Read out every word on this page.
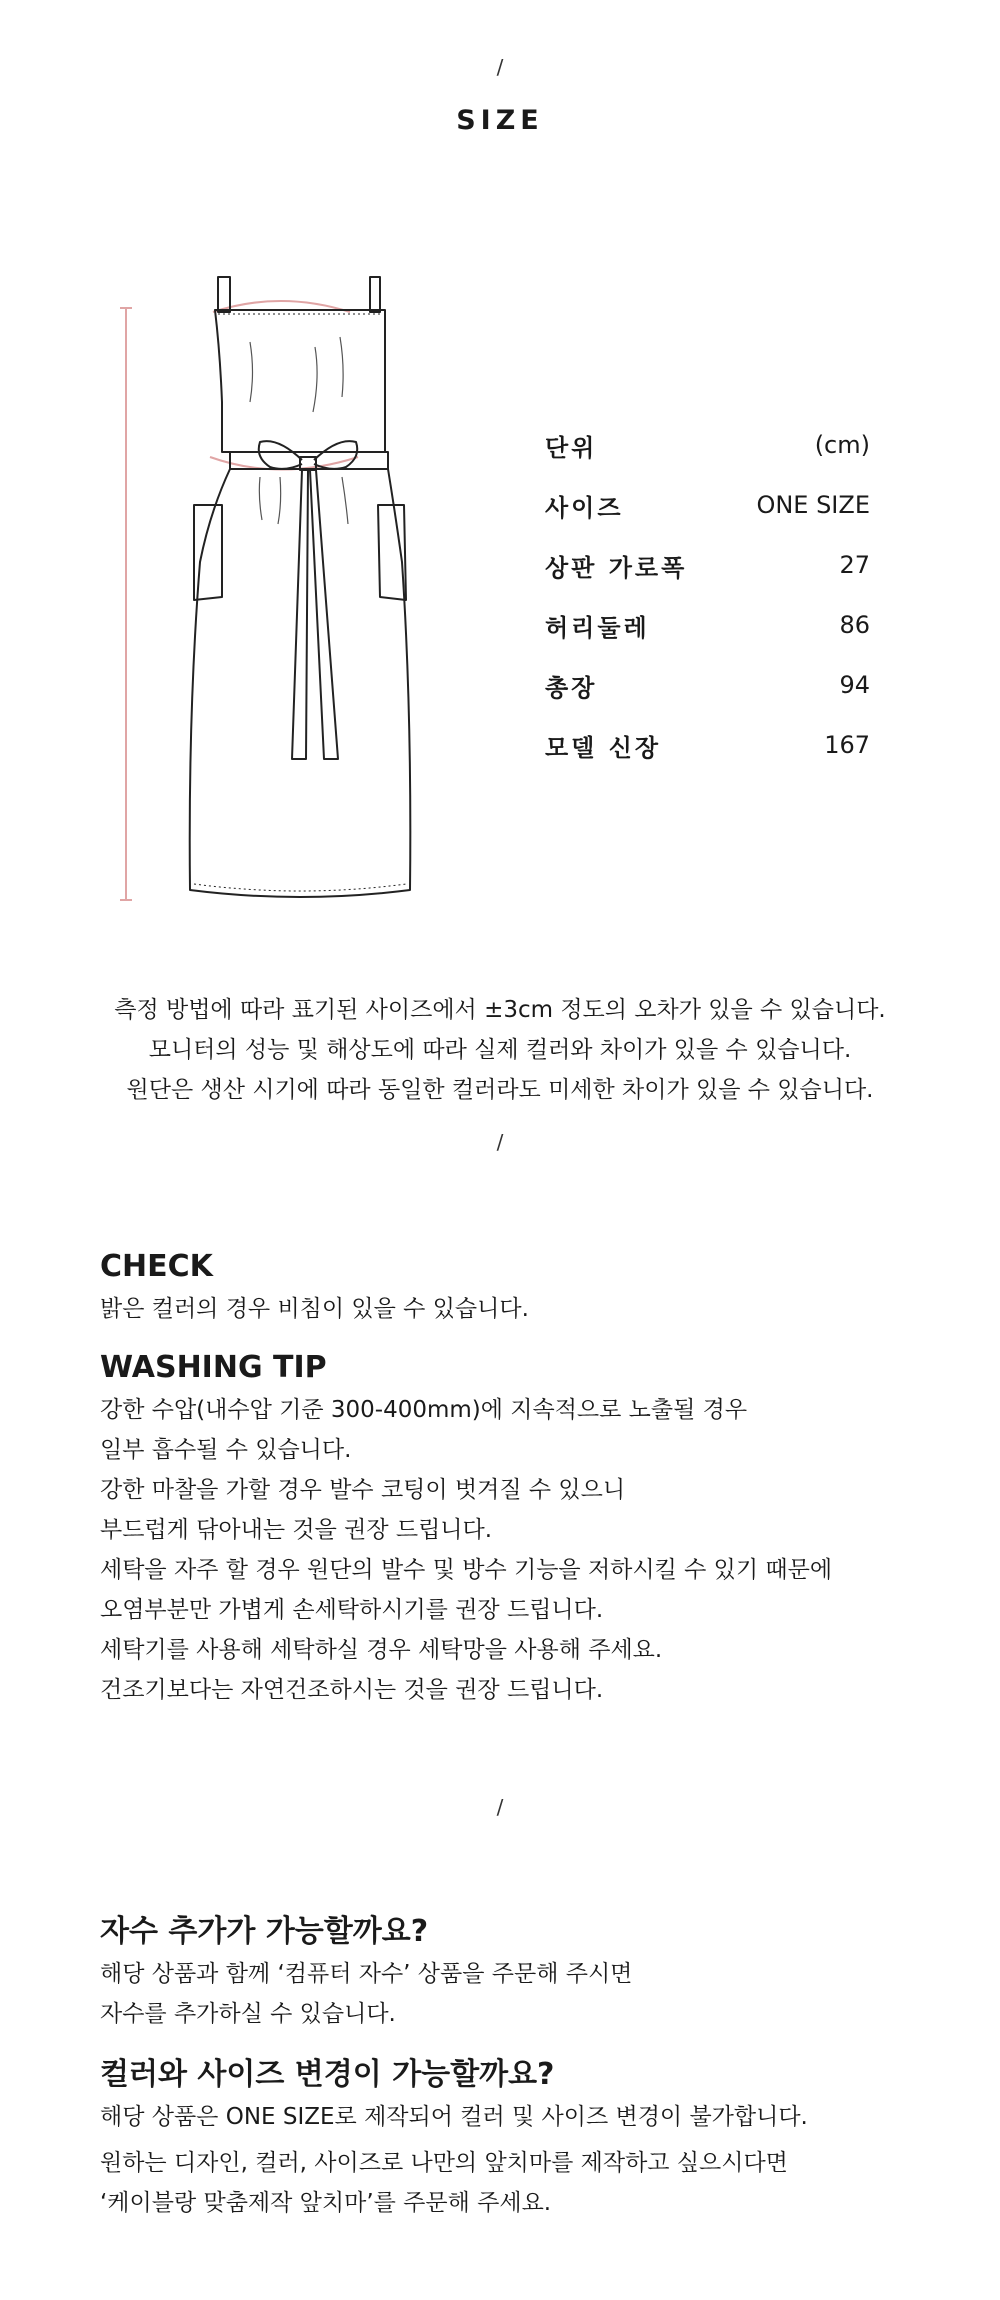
/
SIZE
단위	(cm)
사이즈	ONE SIZE
상판 가로폭	27
허리둘레	86
총장	94
모델 신장	167
측정 방법에 따라 표기된 사이즈에서 ±3cm 정도의 오차가 있을 수 있습니다.
모니터의 성능 및 해상도에 따라 실제 컬러와 차이가 있을 수 있습니다.
원단은 생산 시기에 따라 동일한 컬러라도 미세한 차이가 있을 수 있습니다.
/
CHECK
밝은 컬러의 경우 비침이 있을 수 있습니다.
WASHING TIP
강한 수압(내수압 기준 300-400mm)에 지속적으로 노출될 경우
일부 흡수될 수 있습니다.
강한 마찰을 가할 경우 발수 코팅이 벗겨질 수 있으니
부드럽게 닦아내는 것을 권장 드립니다.
세탁을 자주 할 경우 원단의 발수 및 방수 기능을 저하시킬 수 있기 때문에
오염부분만 가볍게 손세탁하시기를 권장 드립니다.
세탁기를 사용해 세탁하실 경우 세탁망을 사용해 주세요.
건조기보다는 자연건조하시는 것을 권장 드립니다.
/
자수 추가가 가능할까요?
해당 상품과 함께 ‘컴퓨터 자수’ 상품을 주문해 주시면
자수를 추가하실 수 있습니다.
컬러와 사이즈 변경이 가능할까요?
해당 상품은 ONE SIZE로 제작되어 컬러 및 사이즈 변경이 불가합니다.
원하는 디자인, 컬러, 사이즈로 나만의 앞치마를 제작하고 싶으시다면
‘케이블랑 맞춤제작 앞치마’를 주문해 주세요.
